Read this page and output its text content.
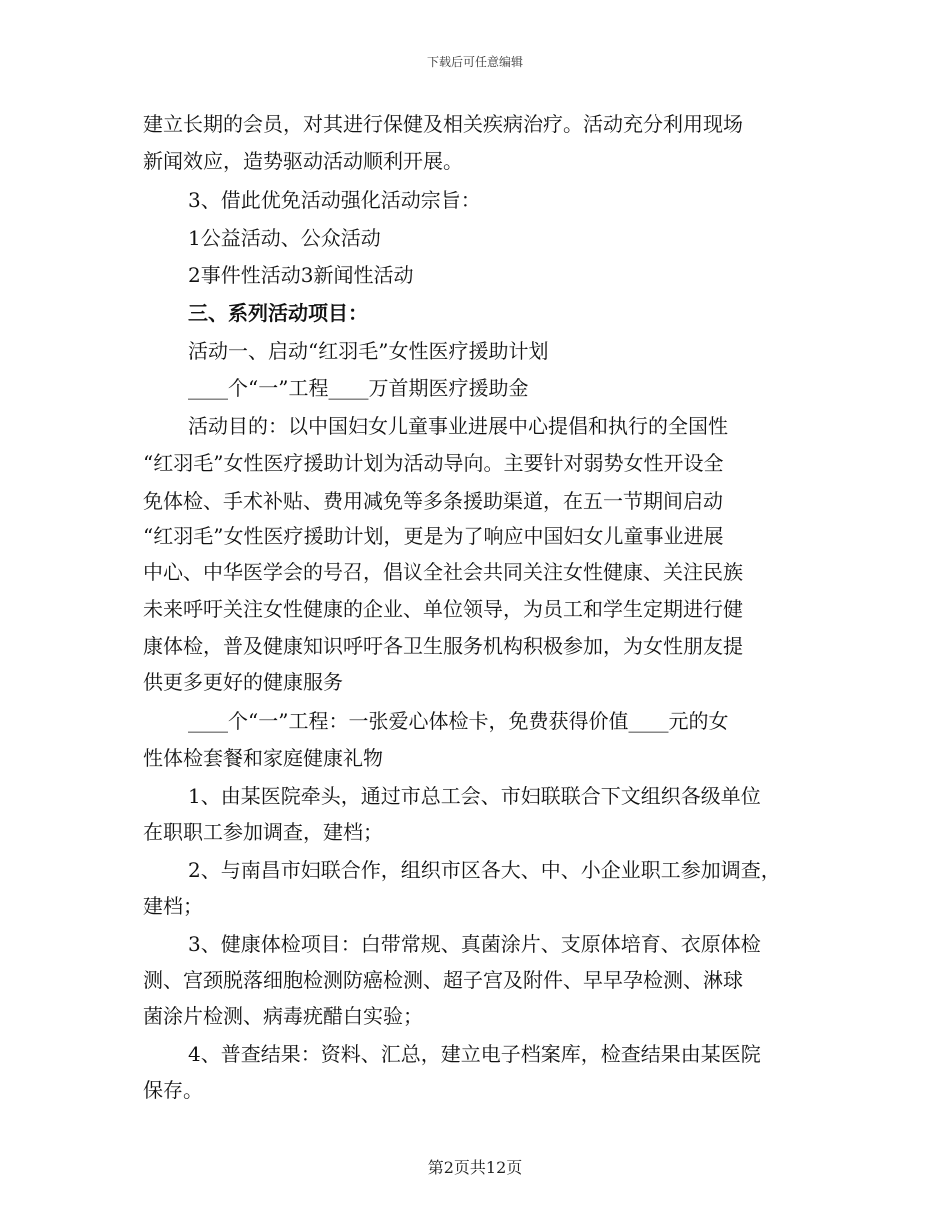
下载后可任意编辑
建立长期的会员，对其进行保健及相关疾病治疗。活动充分利用现场
新闻效应，造势驱动活动顺利开展。
3、借此优免活动强化活动宗旨：
1公益活动、公众活动
2事件性活动3新闻性活动
三、系列活动项目：
活动一、启动“红羽毛”女性医疗援助计划
____个“一”工程____万首期医疗援助金
活动目的：以中国妇女儿童事业进展中心提倡和执行的全国性
“红羽毛”女性医疗援助计划为活动导向。主要针对弱势女性开设全
免体检、手术补贴、费用减免等多条援助渠道，在五一节期间启动
“红羽毛”女性医疗援助计划，更是为了响应中国妇女儿童事业进展
中心、中华医学会的号召，倡议全社会共同关注女性健康、关注民族
未来呼吁关注女性健康的企业、单位领导，为员工和学生定期进行健
康体检，普及健康知识呼吁各卫生服务机构积极参加，为女性朋友提
供更多更好的健康服务
____个“一”工程：一张爱心体检卡，免费获得价值____元的女
性体检套餐和家庭健康礼物
1、由某医院牵头，通过市总工会、市妇联联合下文组织各级单位
在职职工参加调查，建档；
2、与南昌市妇联合作，组织市区各大、中、小企业职工参加调查，
建档；
3、健康体检项目：白带常规、真菌涂片、支原体培育、衣原体检
测、宫颈脱落细胞检测防癌检测、超子宫及附件、早早孕检测、淋球
菌涂片检测、病毒疣醋白实验；
4、普查结果：资料、汇总，建立电子档案库，检查结果由某医院
保存。
第2页共12页
